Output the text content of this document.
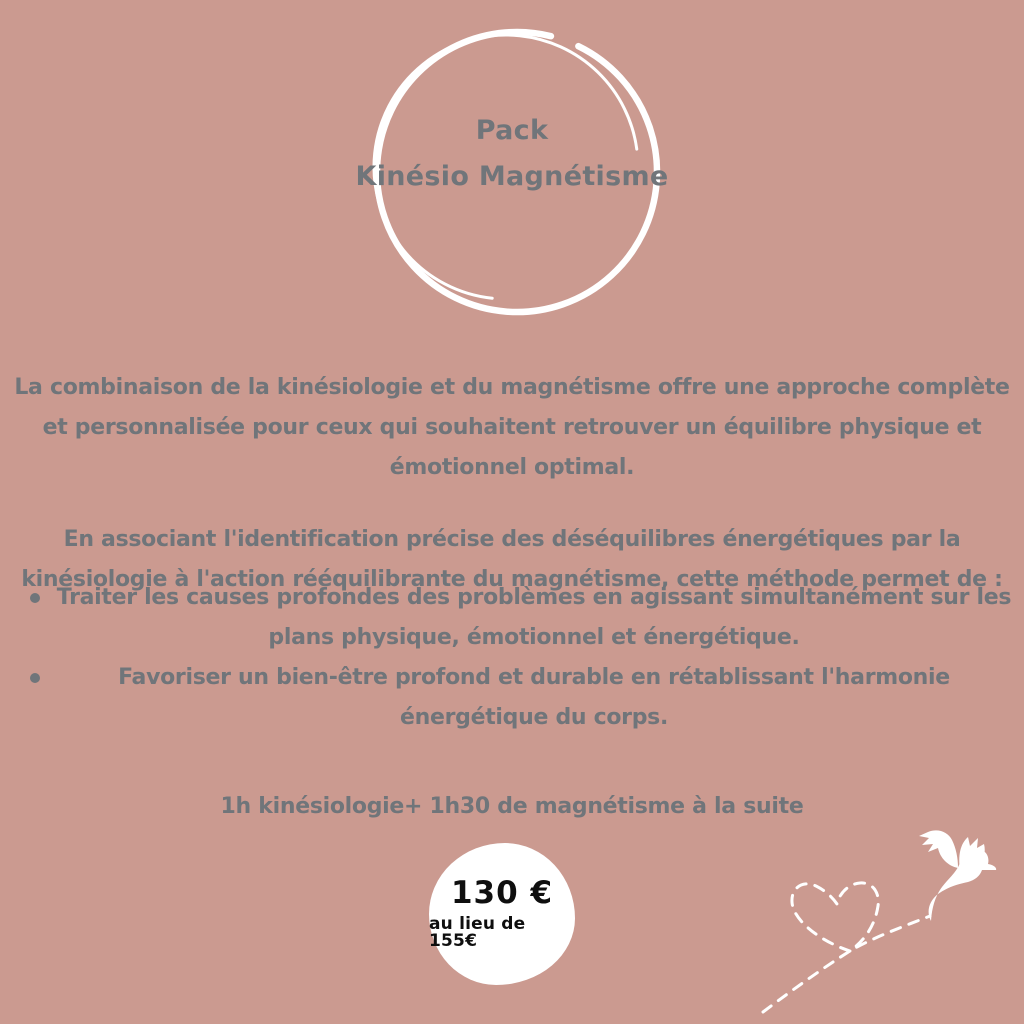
Pack
Kinésio Magnétisme

La combinaison de la kinésiologie et du magnétisme offre une approche complète et personnalisée pour ceux qui souhaitent retrouver un équilibre physique et émotionnel optimal.

En associant l'identification précise des déséquilibres énergétiques par la kinésiologie à l'action rééquilibrante du magnétisme, cette méthode permet de :

Traiter les causes profondes des problèmes en agissant simultanément sur les plans physique, émotionnel et énergétique.
Favoriser un bien-être profond et durable en rétablissant l'harmonie énergétique du corps.

1h kinésiologie+ 1h30 de magnétisme à la suite

130 €
au lieu de 155€
